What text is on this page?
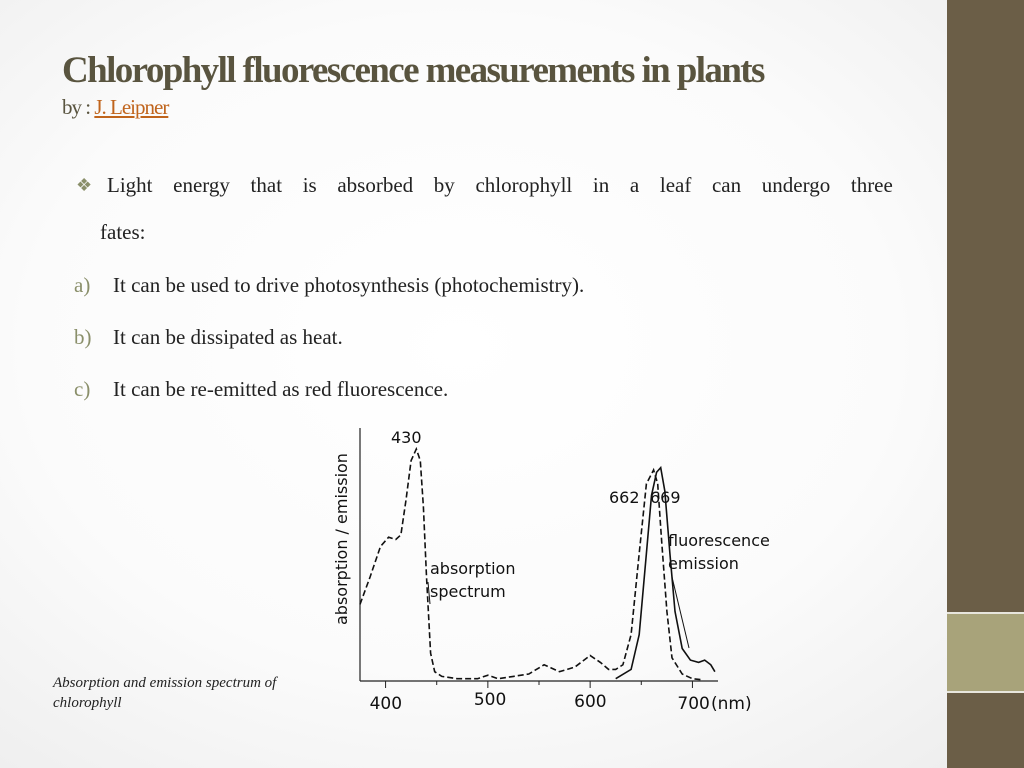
Chlorophyll fluorescence measurements in plants
by : J. Leipner
❖ Light energy that is absorbed by chlorophyll in a leaf can undergo three
fates:
a) It can be used to drive photosynthesis (photochemistry).
b) It can be dissipated as heat.
c) It can be re-emitted as red fluorescence.
400	500	600	700 (nm)
absorption / emission
430
662 669
absorption
spectrum
fluorescence
emission
Absorption and emission spectrum of chlorophyll
